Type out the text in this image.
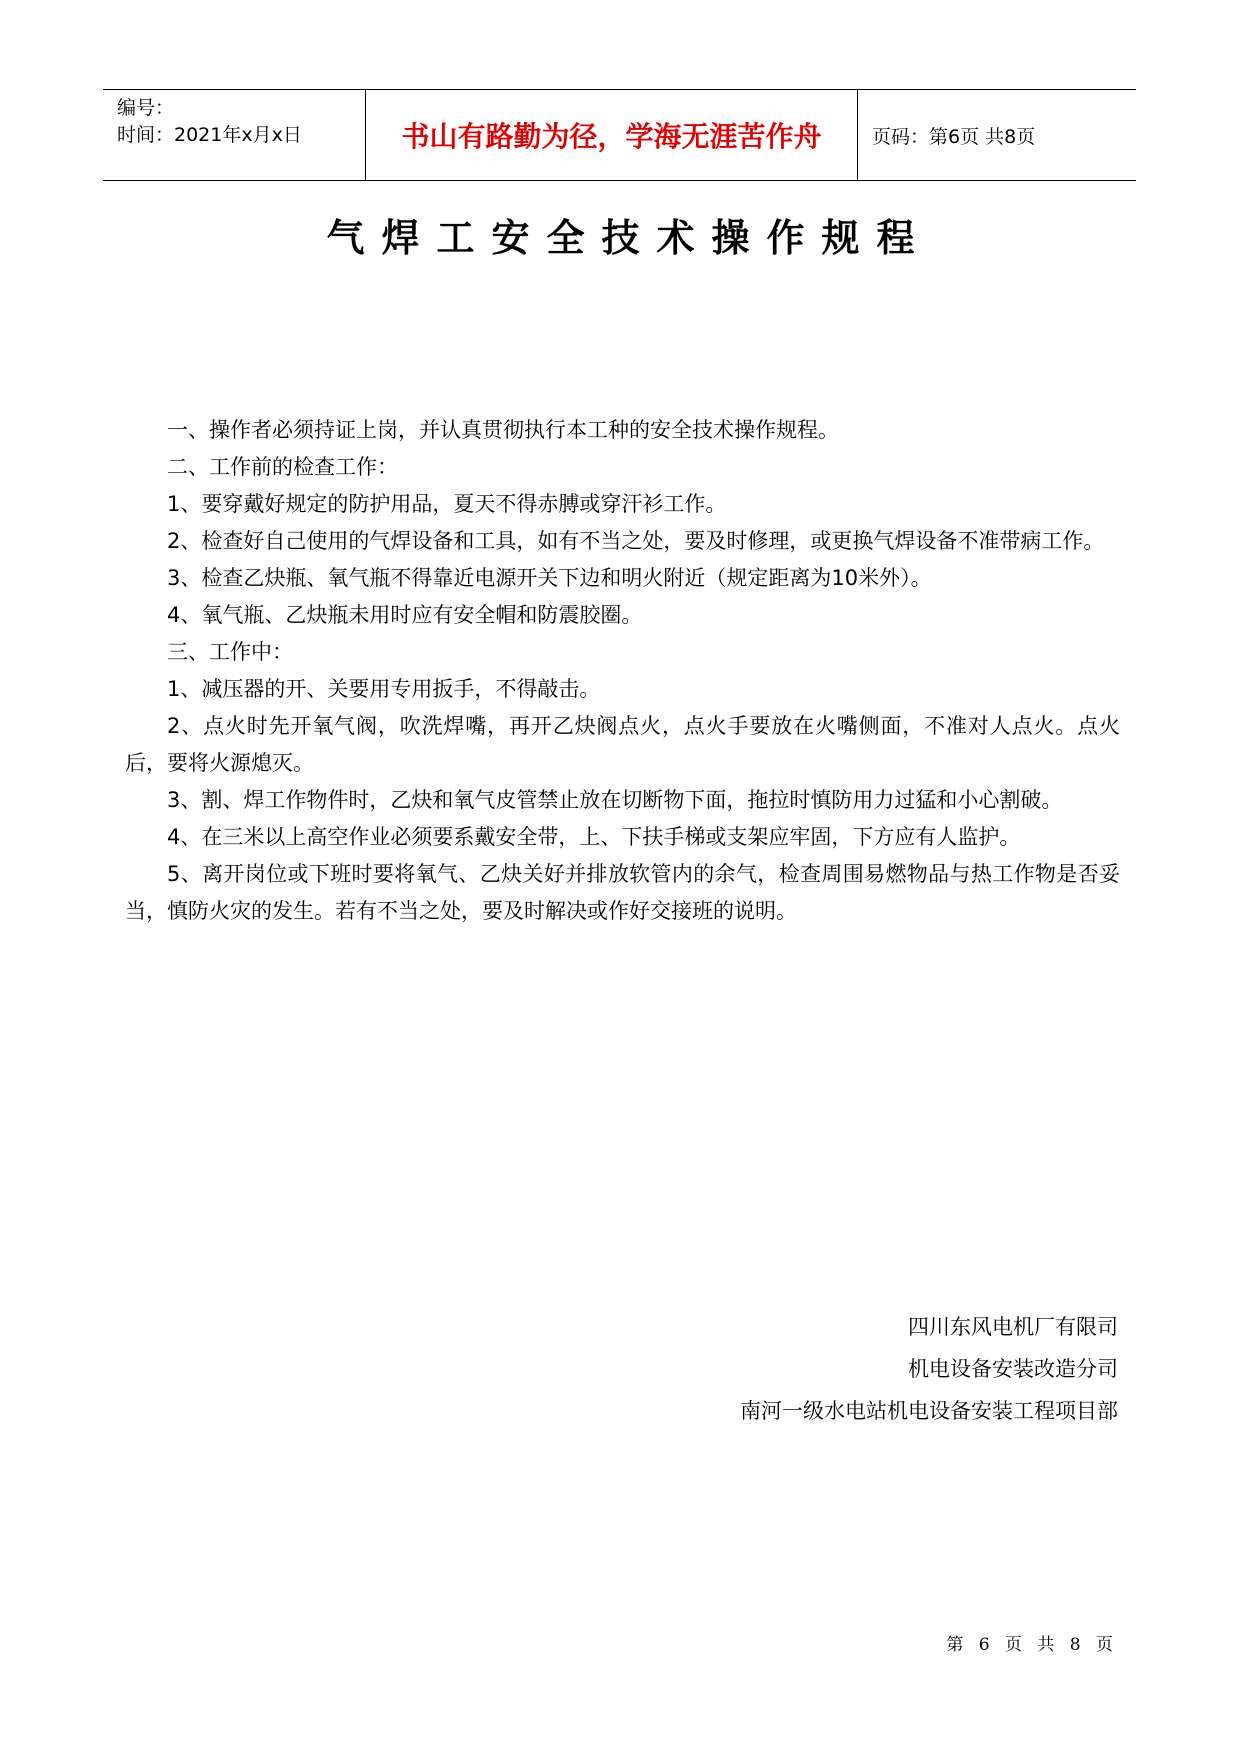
编号：
时间：2021年x月x日	书山有路勤为径，学海无涯苦作舟	页码：第6页 共8页
气焊工安全技术操作规程

一、操作者必须持证上岗，并认真贯彻执行本工种的安全技术操作规程。

二、工作前的检查工作：

1、要穿戴好规定的防护用品，夏天不得赤膊或穿汗衫工作。

2、检查好自己使用的气焊设备和工具，如有不当之处，要及时修理，或更换气焊设备不准带病工作。

3、检查乙炔瓶、氧气瓶不得靠近电源开关下边和明火附近（规定距离为10米外）。

4、氧气瓶、乙炔瓶未用时应有安全帽和防震胶圈。

三、工作中：

1、减压器的开、关要用专用扳手，不得敲击。

2、点火时先开氧气阀，吹洗焊嘴，再开乙炔阀点火，点火手要放在火嘴侧面，不准对人点火。点火后，要将火源熄灭。

3、割、焊工作物件时，乙炔和氧气皮管禁止放在切断物下面，拖拉时慎防用力过猛和小心割破。

4、在三米以上高空作业必须要系戴安全带，上、下扶手梯或支架应牢固，下方应有人监护。

5、离开岗位或下班时要将氧气、乙炔关好并排放软管内的余气，检查周围易燃物品与热工作物是否妥当，慎防火灾的发生。若有不当之处，要及时解决或作好交接班的说明。

四川东风电机厂有限司
机电设备安装改造分司
南河一级水电站机电设备安装工程项目部
第 6 页 共 8 页
